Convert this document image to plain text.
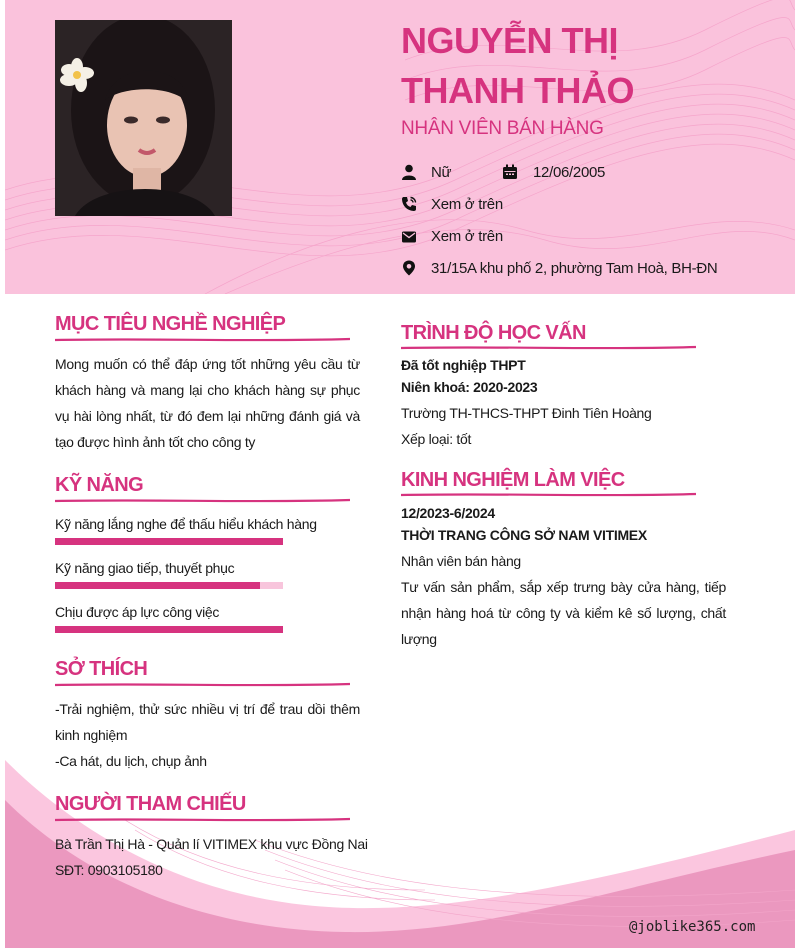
NGUYỄN THỊ THANH THẢO
NHÂN VIÊN BÁN HÀNG
Nữ	12/06/2005
Xem ở trên
Xem ở trên
31/15A khu phố 2, phường Tam Hoà, BH-ĐN
MỤC TIÊU NGHỀ NGHIỆP
Mong muốn có thể đáp ứng tốt những yêu cầu từ khách hàng và mang lại cho khách hàng sự phục vụ hài lòng nhất, từ đó đem lại những đánh giá và tạo được hình ảnh tốt cho công ty
KỸ NĂNG
Kỹ năng lắng nghe để thấu hiểu khách hàng
Kỹ năng giao tiếp, thuyết phục
Chịu được áp lực công việc
SỞ THÍCH
-Trải nghiệm, thử sức nhiều vị trí để trau dồi thêm kinh nghiệm
-Ca hát, du lịch, chụp ảnh
NGƯỜI THAM CHIẾU
Bà Trần Thị Hà - Quản lí VITIMEX khu vực Đồng Nai
SĐT: 0903105180
TRÌNH ĐỘ HỌC VẤN
Đã tốt nghiệp THPT
Niên khoá: 2020-2023
Trường TH-THCS-THPT Đinh Tiên Hoàng
Xếp loại: tốt
KINH NGHIỆM LÀM VIỆC
12/2023-6/2024
THỜI TRANG CÔNG SỞ NAM VITIMEX
Nhân viên bán hàng
Tư vấn sản phẩm, sắp xếp trưng bày cửa hàng, tiếp nhận hàng hoá từ công ty và kiểm kê số lượng, chất lượng
@joblike365.com
